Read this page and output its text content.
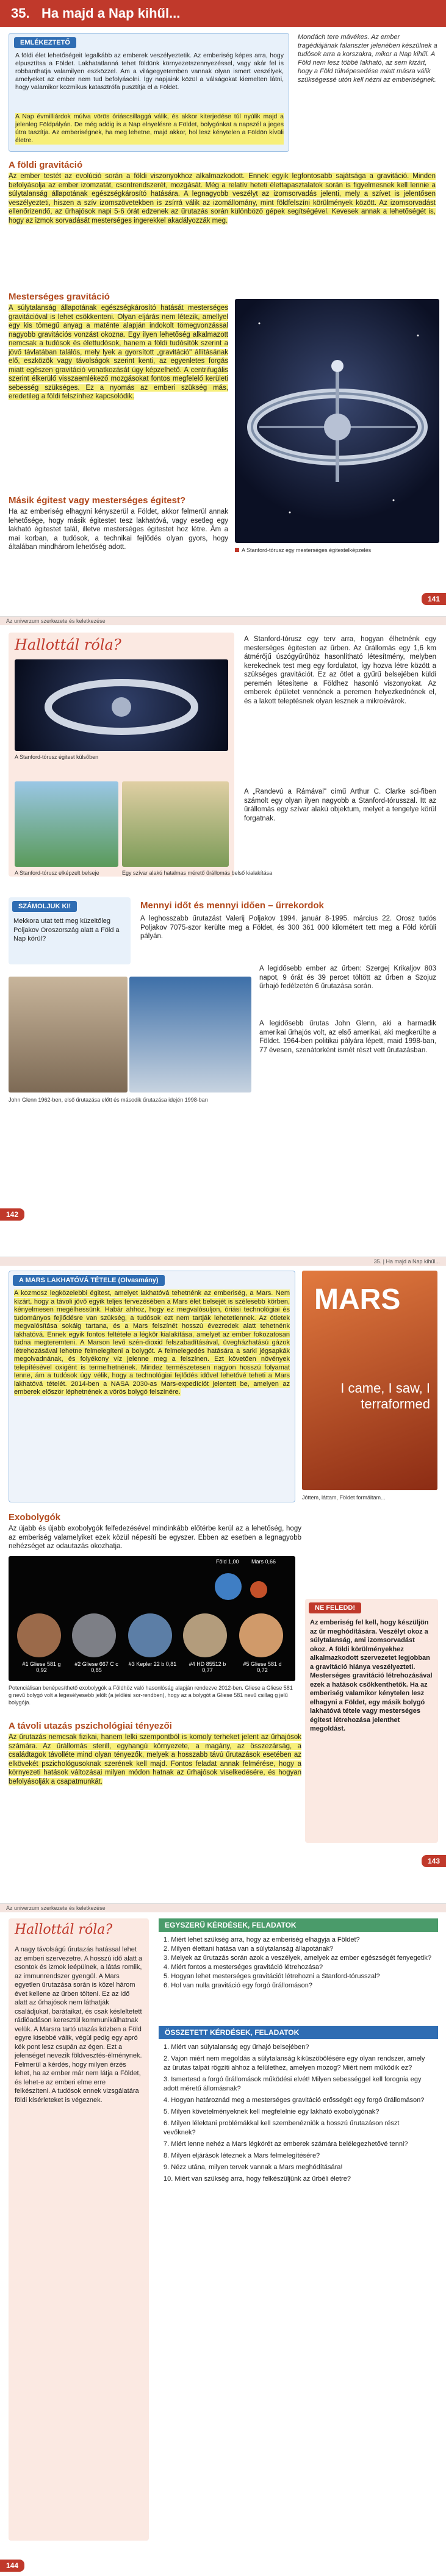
35. Ha majd a Nap kihűl...
EMLÉKEZTETŐ
A földi élet lehetőségeit legalkább az emberek veszélyeztetik. Az emberiség képes arra, hogy elpusztítsa a Földet. Lakhatatlanná tehet földünk környezetszennyezéssel, vagy akár fel is robbanthatja valamilyen eszközzel. Ám a világegyetemben vannak olyan ismert veszélyek, amelyeket az ember nem tud befolyásolni. Így napjaink közül a válságokat kiemelten látni, hogy valamikor kozmikus katasztrófa pusztítja el a Földet.
A Nap évmilliárdok múlva vörös óriáscsillaggá válik, és akkor kiterjedése túl nyúlik majd a jelenleg Földpályán. De még addig is a Nap elnyelésre a Földet, bolygónkat a napszél a jeges útra taszítja. Az emberiségnek, ha meg lehetne, majd akkor, hol lesz kénytelen a Földön kívüli életre.
Mondách tere mávékes. Az ember tragédiájának falanszter jelenében készülnek a tudósok arra a korszakra, mikor a Nap kihűl. A Föld nem lesz többé lakható, az sem kizárt, hogy a Föld túlnépesedése miatt másra válik szükségessé utón kell nézni az emberiségnek.
A földi gravitáció
Az ember testét az evolúció során a földi viszonyokhoz alkalmazkodott. Ennek egyik legfontosabb sajátsága a gravitáció. Minden befolyásolja az ember izomzatát, csontrendszerét, mozgását. Még a relatív heteti élettapasztalatok során is figyelmesnek kell lennie a súlytalanság állapotának egészségkárosító hatására. A legnagyobb veszélyt az izomsorvadás jelenti, mely a szívet is jelentősen veszélyezteti, hiszen a szív izomszövetekben is zsírrá válik az izomállomány, mint földfelszíni körülmények között. Az izomsorvadást ellenőrizendő, az űrhajósok napi 5-6 órát edzenek az űrutazás során különböző gépek segítségével. Kevesek annak a lehetőségét is, hogy az izmok sorvadását mesterséges ingerekkel akadályozzák meg.
Mesterséges gravitáció
A súlytalanság állapotának egészségkárosító hatását mesterséges gravitációval is lehet csökkenteni. Olyan eljárás nem létezik, amellyel egy kis tömegű anyag a maténte alapján indokolt tömegvonzással nagyobb gravitációs vonzást okozna. Egy ilyen lehetőség alkalmazott nemcsak a tudósok és élettudósok, hanem a földi tudósítók szerint a jövő távlatában találós, mely lyek a gyorsított „gravitáció" állításának elő, eszközök vagy távolságok szerint kenti, az egyenletes forgás miatt egészen gravitáció vonatkozását úgy képzelhető. A centrifugális szerint élkerülő visszaemlékező mozgásokat fontos megfelelő kerületi sebesség szükséges. Ez a nyomás az emberi szükség más, eredetileg a földi felszínhez kapcsolódik.
Másik égitest vagy mesterséges égitest?
Ha az emberiség elhagyni kényszerül a Földet, akkor felmerül annak lehetősége, hogy másik égitestet tesz lakhatóvá, vagy esetleg egy lakható égitestet talál, illetve mesterséges égitestet hoz létre. Ám a mai korban, a tudósok, a technikai fejlődés olyan gyors, hogy általában mindhárom lehetőség adott.	A Stanford-tórusz egy mesterséges égitestelképzelés
141
Az univerzum szerkezete és keletkezése
Hallottál róla?
A Stanford-tórusz égitest külsőben
A Stanford-tórusz elképzelt belseje	Egy szívar alakú hatalmas mérető űrállomás belső kialakítása
A Stanford-tórusz egy terv arra, hogyan élhetnénk egy mesterséges égitesten az űrben. Az űrállomás egy 1,6 km átmérőjű úszógyűrűhöz hasonlítható létesítmény, melyben kerekednek test meg egy fordulatot, így hozva létre között a szükséges gravitációt. Ez az ötlet a gyűrű belsejében küldi peremén létesítene a Földhez hasonló viszonyokat. Az emberek épületet vennének a peremen helyezkednének el, és a lakott teleptésnek olyan lesznek a mikroévárok.
A „Randevú a Rámával" című Arthur C. Clarke sci-fiben számolt egy olyan ilyen nagyobb a Stanford-tórusszal. Itt az űrállomás egy szívar alakú objektum, melyet a tengelye körül forgatnak.
SZÁMOLJUK KI!
Mekkora utat tett meg küzeltőleg Poljakov Oroszország alatt a Föld a Nap körül?
Mennyi időt és mennyi idően – űrrekordok
A leghosszabb űrutazást Valerij Poljakov 1994. január 8-1995. március 22. Orosz tudós Poljakov 7075-szor kerülte meg a Földet, és 300 361 000 kilométert tett meg a Föld körüli pályán.
John Glenn 1962-ben, első űrutazása előtt és második űrutazása idején 1998-ban
A legidősebb ember az űrben: Szergej Krikaljov 803 napot, 9 órát és 39 percet töltött az űrben a Szojuz űrhajó fedélzetén 6 űrutazása során.
A legidősebb űrutas John Glenn, aki a harmadik amerikai űrhajós volt, az első amerikai, aki megkerülte a Földet. 1964-ben politikai pályára lépett, maid 1998-ban, 77 évesen, szenátorként ismét részt vett űrutazásban.
142
35. | Ha majd a Nap kihűl...
A MARS LAKHATÓVÁ TÉTELE (Olvasmány)
A kozmosz legközelebbi égitest, amelyet lakhatóvá tehetnénk az emberiség, a Mars. Nem kizárt, hogy a távoli jövő egyik teljes tervezésében a Mars élet belsejét is szélesebb körben, kényelmesen megélhessünk. Habár ahhoz, hogy ez megvalósuljon, óriási technológiai és tudományos fejlődésre van szükség, a tudósok ezt nem tartják lehetetlennek. Az ötletek megvalósítása sokáig tartana, és a Mars felszínét hosszú évezredek alatt tehetnénk lakhatóvá. Ennek egyik fontos feltétele a légkör kialakítása, amelyet az ember fokozatosan tudna megteremteni. A Marson levő szén-dioxid felszabadításával, üvegházhatású gázok létrehozásával lehetne felmelegíteni a bolygót. A felmelegedés hatására a sarki jégsapkák megolvadnának, és folyékony víz jelenne meg a felszínen. Ezt követően növények telepítésével oxigént is termelhetnének. Mindez természetesen nagyon hosszú folyamat lenne, ám a tudósok úgy vélik, hogy a technológiai fejlődés idővel lehetővé teheti a Mars lakhatóvá tételét. 2014-ben a NASA 2030-as Mars-expedíciót jelentett be, amelyen az emberek először léphetnének a vörös bolygó felszínére.
MARS
I came, I saw, I terraformed
Jóttem, láttam, Földet formáltam...
Exobolygók
Az újabb és újabb exobolygók felfedezésével mindinkább előtérbe kerül az a lehetőség, hogy az emberiség valamelyiket ezek közül népesíti be egyszer. Ebben az esetben a legnagyobb nehézséget az odautazás okozhatja.
Föld 1,00 Mars 0,66
#1 Gliese 581 g 0,92
#2 Gliese 667 C c 0,85
#3 Kepler 22 b 0,81	#4 HD 85512 b 0,77
#5 Gliese 581 d 0,72
Potenciálisan benépesíthető exobolygók a Földhöz való hasonlóság alapján rendezve 2012-ben. Gliese a Gliese 581 g nevű bolygó volt a legesélyesebb jelölt (a jelölési sor-rendben), hogy az a bolygót a Gliese 581 nevű csillag g jelű bolygója.
A távoli utazás pszichológiai tényezői
Az űrutazás nemcsak fizikai, hanem lelki szempontból is komoly terheket jelent az űrhajósok számára. Az űrállomás sterill, egyhangú környezete, a magány, az összezárság, a családtagok távolléte mind olyan tényezők, melyek a hosszabb távú űrutazások esetében az elkövekét pszichológusoknak szerének kell majd. Fontos feladat annak felmérése, hogy a környezeti hatások változásai milyen módon hatnak az űrhajósok viselkedésére, és hogyan befolyásolják a csapatmunkát.
NE FELEDD!
Az emberiség fel kell, hogy készüljön az űr meghódítására. Veszélyt okoz a súlytalanság, ami izomsorvadást okoz. A földi körülményekhez alkalmazkodott szervezetet legjobban a gravitáció hiánya veszélyezteti. Mesterséges gravitáció létrehozásával ezek a hatások csökkenthetők. Ha az emberiség valamikor kénytelen lesz elhagyni a Földet, egy másik bolygó lakhatóvá tétele vagy mesterséges égitest létrehozása jelenthet megoldást.
143
Az univerzum szerkezete és keletkezése
Hallottál róla?
A nagy távolságú űrutazás hatással lehet az emberi szervezetre. A hosszú idő alatt a csontok és izmok leépülnek, a látás romlik, az immunrendszer gyengül. A Mars egyetlen űrutazása során is közel három évet kellene az űrben tölteni. Ez az idő alatt az űrhajósok nem láthatják családjukat, barátaikat, és csak késleltetett rádióadáson keresztül kommunikálhatnak velük. A Marsra tartó utazás közben a Föld egyre kisebbé válik, végül pedig egy apró kék pont lesz csupán az égen. Ezt a jelenséget nevezik földvesztés-élménynek. Felmerül a kérdés, hogy milyen érzés lehet, ha az ember már nem látja a Földet, és lehet-e az emberi elme erre felkészíteni. A tudósok ennek vizsgálatára földi kísérleteket is végeznek.
EGYSZERŰ KÉRDÉSEK, FELADATOK
1. Miért lehet szükség arra, hogy az emberiség elhagyja a Földet?
2. Milyen élettani hatása van a súlytalanság állapotának?
3. Melyek az űrutazás során azok a veszélyek, amelyek az ember egészségét fenyegetik?
4. Miért fontos a mesterséges gravitáció létrehozása?
5. Hogyan lehet mesterséges gravitációt létrehozni a Stanford-tórusszal?
6. Hol van nulla gravitáció egy forgó űrállomáson?
ÖSSZETETT KÉRDÉSEK, FELADATOK
1. Miért van súlytalanság egy űrhajó belsejében?
2. Vajon miért nem megoldás a súlytalanság kiküszöbölésére egy olyan rendszer, amely az ürutas talpát rögzíti ahhoz a felülethez, amelyen mozog? Miért nem működik ez?
3. Ismertesd a forgó űrállomások működési elvét! Milyen sebességgel kell forognia egy adott méretű állomásnak?
4. Hogyan határoznád meg a mesterséges gravitáció erősségét egy forgó űrállomáson?
5. Milyen követelményeknek kell megfelelnie egy lakható exobolygónak?
6. Milyen lélektani problémákkal kell szembenézniük a hosszú űrutazáson részt vevőknek?
7. Miért lenne nehéz a Mars légkörét az emberek számára belélegezhetővé tenni?
8. Milyen eljárások léteznek a Mars felmelegítésére?
9. Nézz utána, milyen tervek vannak a Mars meghódítására!
10. Miért van szükség arra, hogy felkészüljünk az űrbéli életre?
144
